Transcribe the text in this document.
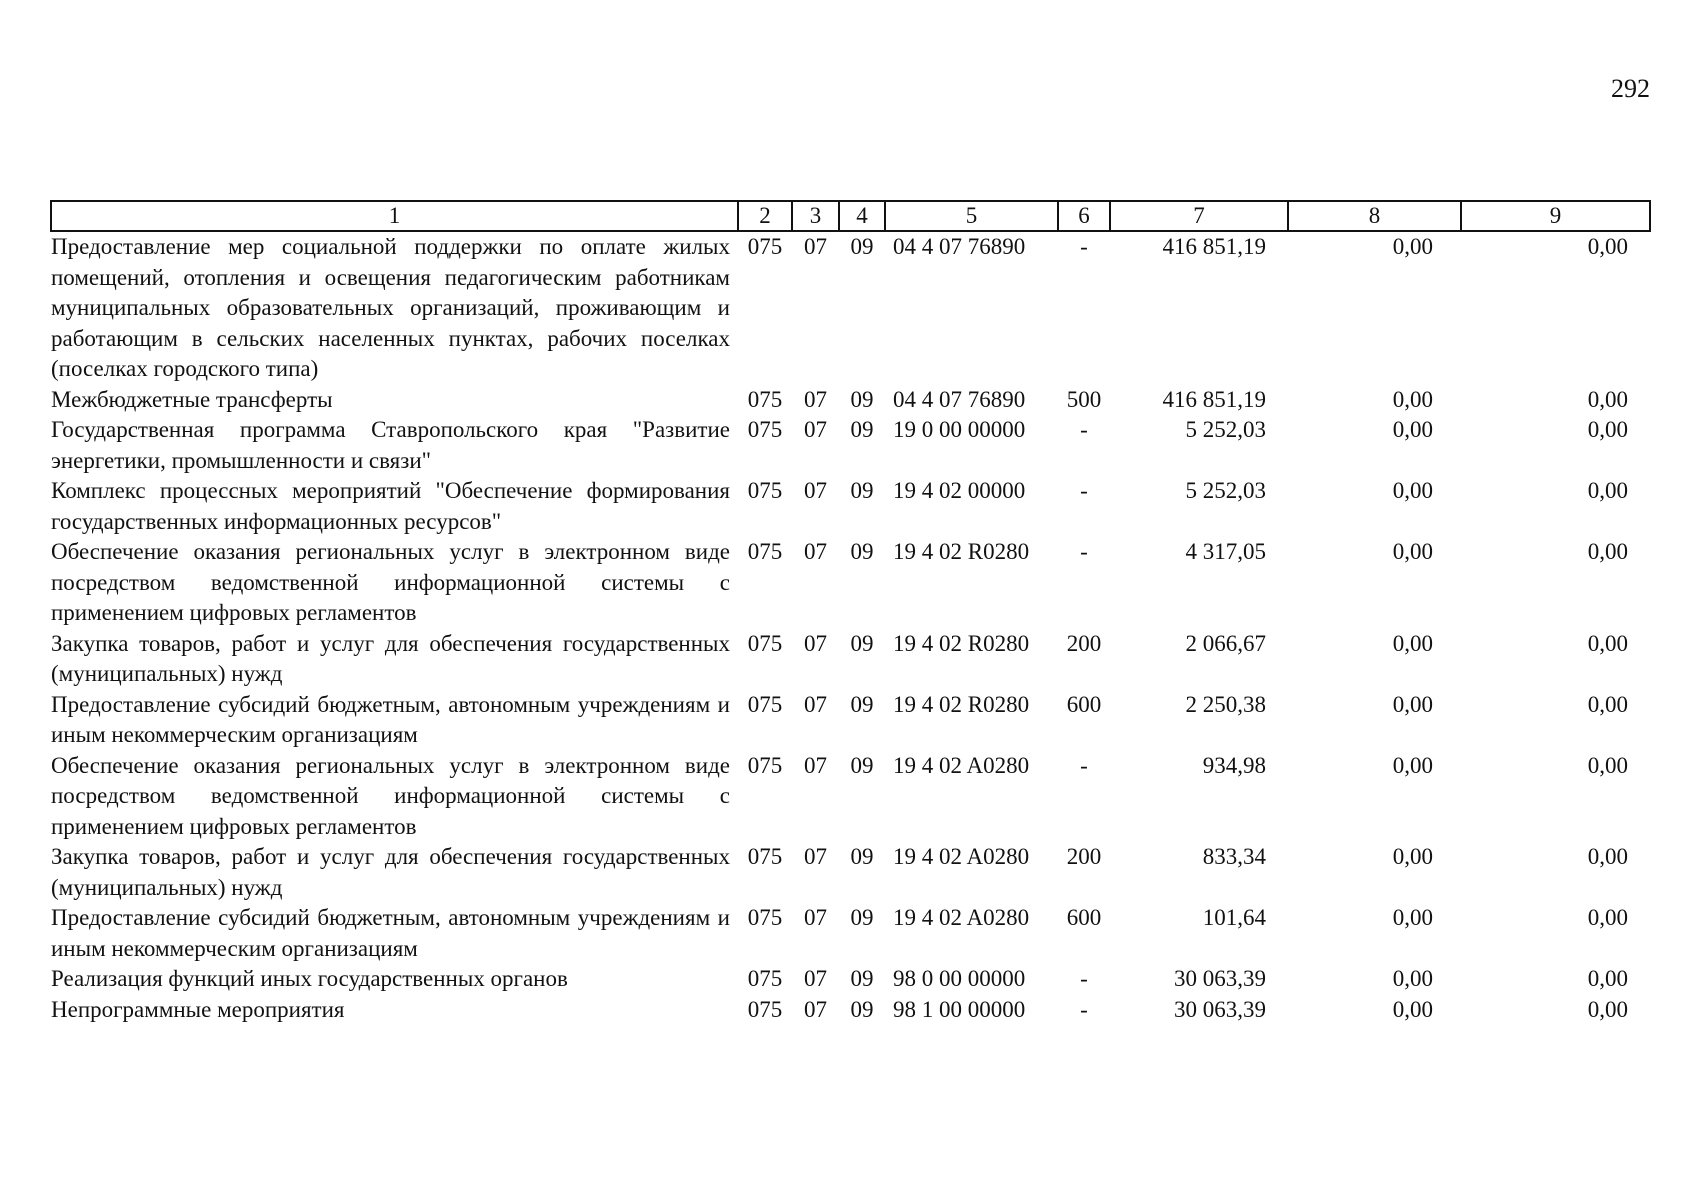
292
1	2	3	4	5	6	7	8	9
Предоставление мер социальной поддержки по оплате жилых помещений, отопления и освещения педагогическим работникам муниципальных образовательных организаций, проживающим и работающим в сельских населенных пунктах, рабочих поселках (поселках городского типа)	075	07	09	04 4 07 76890	-	416 851,19	0,00	0,00
Межбюджетные трансферты	075	07	09	04 4 07 76890	500	416 851,19	0,00	0,00
Государственная программа Ставропольского края "Развитие энергетики, промышленности и связи"	075	07	09	19 0 00 00000	-	5 252,03	0,00	0,00
Комплекс процессных мероприятий "Обеспечение формирования государственных информационных ресурсов"	075	07	09	19 4 02 00000	-	5 252,03	0,00	0,00
Обеспечение оказания региональных услуг в электронном виде посредством ведомственной информационной системы с применением цифровых регламентов	075	07	09	19 4 02 R0280	-	4 317,05	0,00	0,00
Закупка товаров, работ и услуг для обеспечения государственных (муниципальных) нужд	075	07	09	19 4 02 R0280	200	2 066,67	0,00	0,00
Предоставление субсидий бюджетным, автономным учреждениям и иным некоммерческим организациям	075	07	09	19 4 02 R0280	600	2 250,38	0,00	0,00
Обеспечение оказания региональных услуг в электронном виде посредством ведомственной информационной системы с применением цифровых регламентов	075	07	09	19 4 02 A0280	-	934,98	0,00	0,00
Закупка товаров, работ и услуг для обеспечения государственных (муниципальных) нужд	075	07	09	19 4 02 A0280	200	833,34	0,00	0,00
Предоставление субсидий бюджетным, автономным учреждениям и иным некоммерческим организациям	075	07	09	19 4 02 A0280	600	101,64	0,00	0,00
Реализация функций иных государственных органов	075	07	09	98 0 00 00000	-	30 063,39	0,00	0,00
Непрограммные мероприятия	075	07	09	98 1 00 00000	-	30 063,39	0,00	0,00
